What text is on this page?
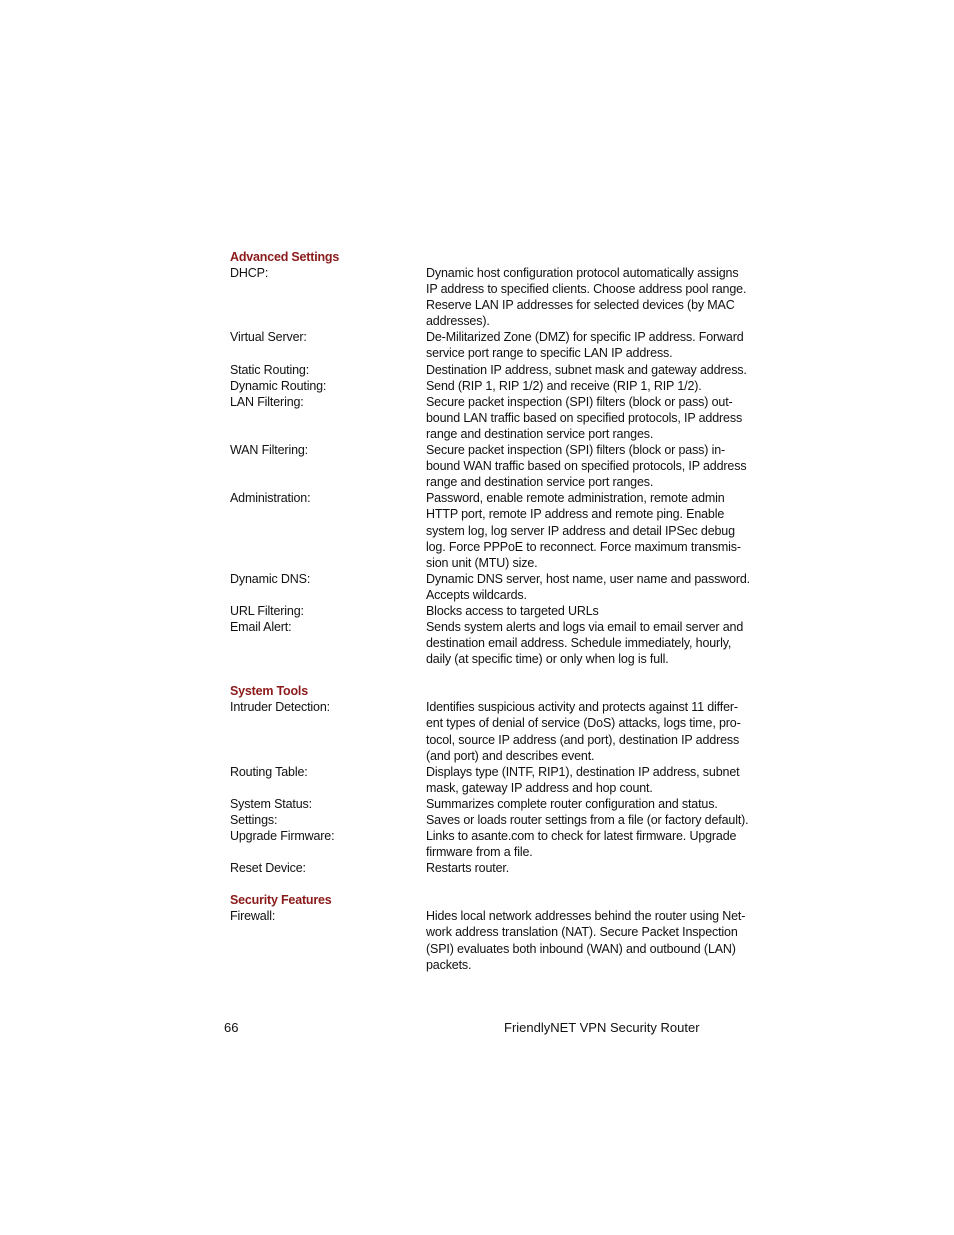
Advanced Settings
DHCP:	Dynamic host configuration protocol automatically assigns
IP address to specified clients. Choose address pool range.
Reserve LAN IP addresses for selected devices (by MAC
addresses).
Virtual Server:	De-Militarized Zone (DMZ) for specific IP address. Forward
service port range to specific LAN IP address.
Static Routing:	Destination IP address, subnet mask and gateway address.
Dynamic Routing:	Send (RIP 1, RIP 1/2) and receive (RIP 1, RIP 1/2).
LAN Filtering:	Secure packet inspection (SPI) filters (block or pass) out-
bound LAN traffic based on specified protocols, IP address
range and destination service port ranges.
WAN Filtering:	Secure packet inspection (SPI) filters (block or pass) in-
bound WAN traffic based on specified protocols, IP address
range and destination service port ranges.
Administration:	Password, enable remote administration, remote admin
HTTP port, remote IP address and remote ping. Enable
system log, log server IP address and detail IPSec debug
log. Force PPPoE to reconnect. Force maximum transmis-
sion unit (MTU) size.
Dynamic DNS:	Dynamic DNS server, host name, user name and password.
Accepts wildcards.
URL Filtering:	Blocks access to targeted URLs
Email Alert:	Sends system alerts and logs via email to email server and
destination email address. Schedule immediately, hourly,
daily (at specific time) or only when log is full.
System Tools
Intruder Detection:	Identifies suspicious activity and protects against 11 differ-
ent types of denial of service (DoS) attacks, logs time, pro-
tocol, source IP address (and port), destination IP address
(and port) and describes event.
Routing Table:	Displays type (INTF, RIP1), destination IP address, subnet
mask, gateway IP address and hop count.
System Status:	Summarizes complete router configuration and status.
Settings:	Saves or loads router settings from a file (or factory default).
Upgrade Firmware:	Links to asante.com to check for latest firmware. Upgrade
firmware from a file.
Reset Device:	Restarts router.
Security Features
Firewall:	Hides local network addresses behind the router using Net-
work address translation (NAT). Secure Packet Inspection
(SPI) evaluates both inbound (WAN) and outbound (LAN)
packets.
66	FriendlyNET VPN Security Router
